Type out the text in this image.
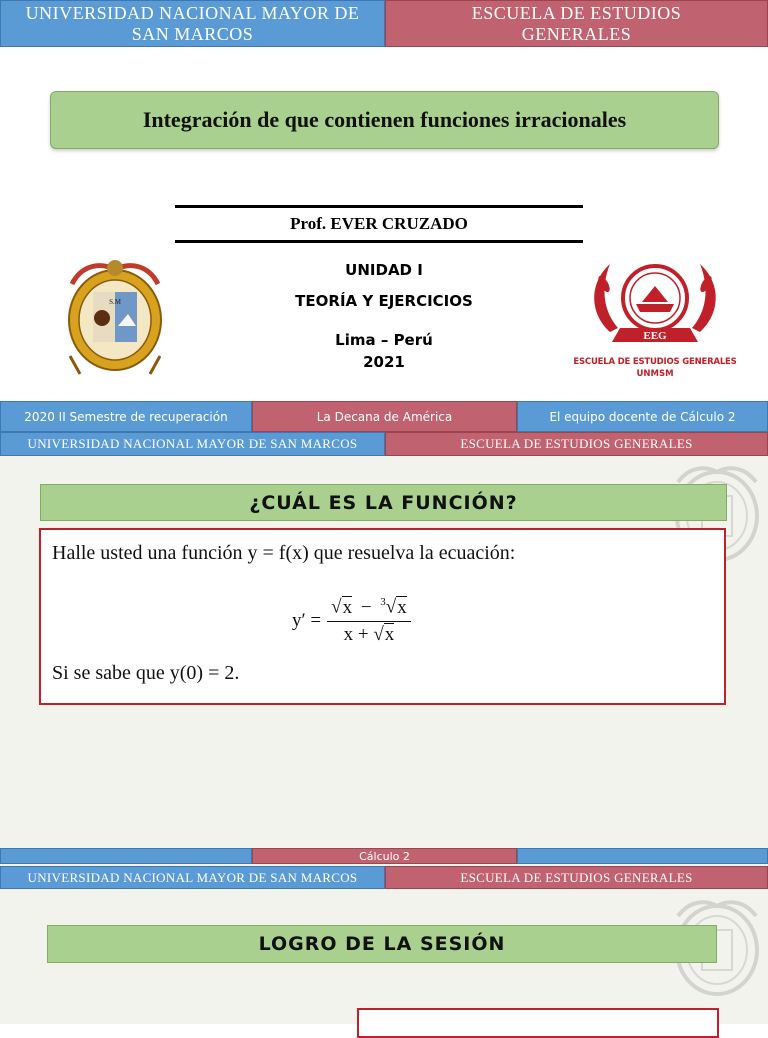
UNIVERSIDAD NACIONAL MAYOR DE SAN MARCOS
ESCUELA DE ESTUDIOS GENERALES
Integración de que contienen funciones irracionales
Prof. EVER CRUZADO
UNIDAD I
TEORÍA Y EJERCICIOS
Lima – Perú
2021
S.M
EEG
ESCUELA DE ESTUDIOS GENERALES
UNMSM
2020 II Semestre de recuperación	La Decana de América	El equipo docente de Cálculo 2
UNIVERSIDAD NACIONAL MAYOR DE SAN MARCOS	ESCUELA DE ESTUDIOS GENERALES
¿CUÁL ES LA FUNCIÓN?
Halle usted una función y = f(x) que resuelva la ecuación:
$y' = \frac{√x - ^3√x}{x + √x}$
Si se sabe que y(0) = 2.
Cálculo 2
UNIVERSIDAD NACIONAL MAYOR DE SAN MARCOS	ESCUELA DE ESTUDIOS GENERALES
LOGRO DE LA SESIÓN
